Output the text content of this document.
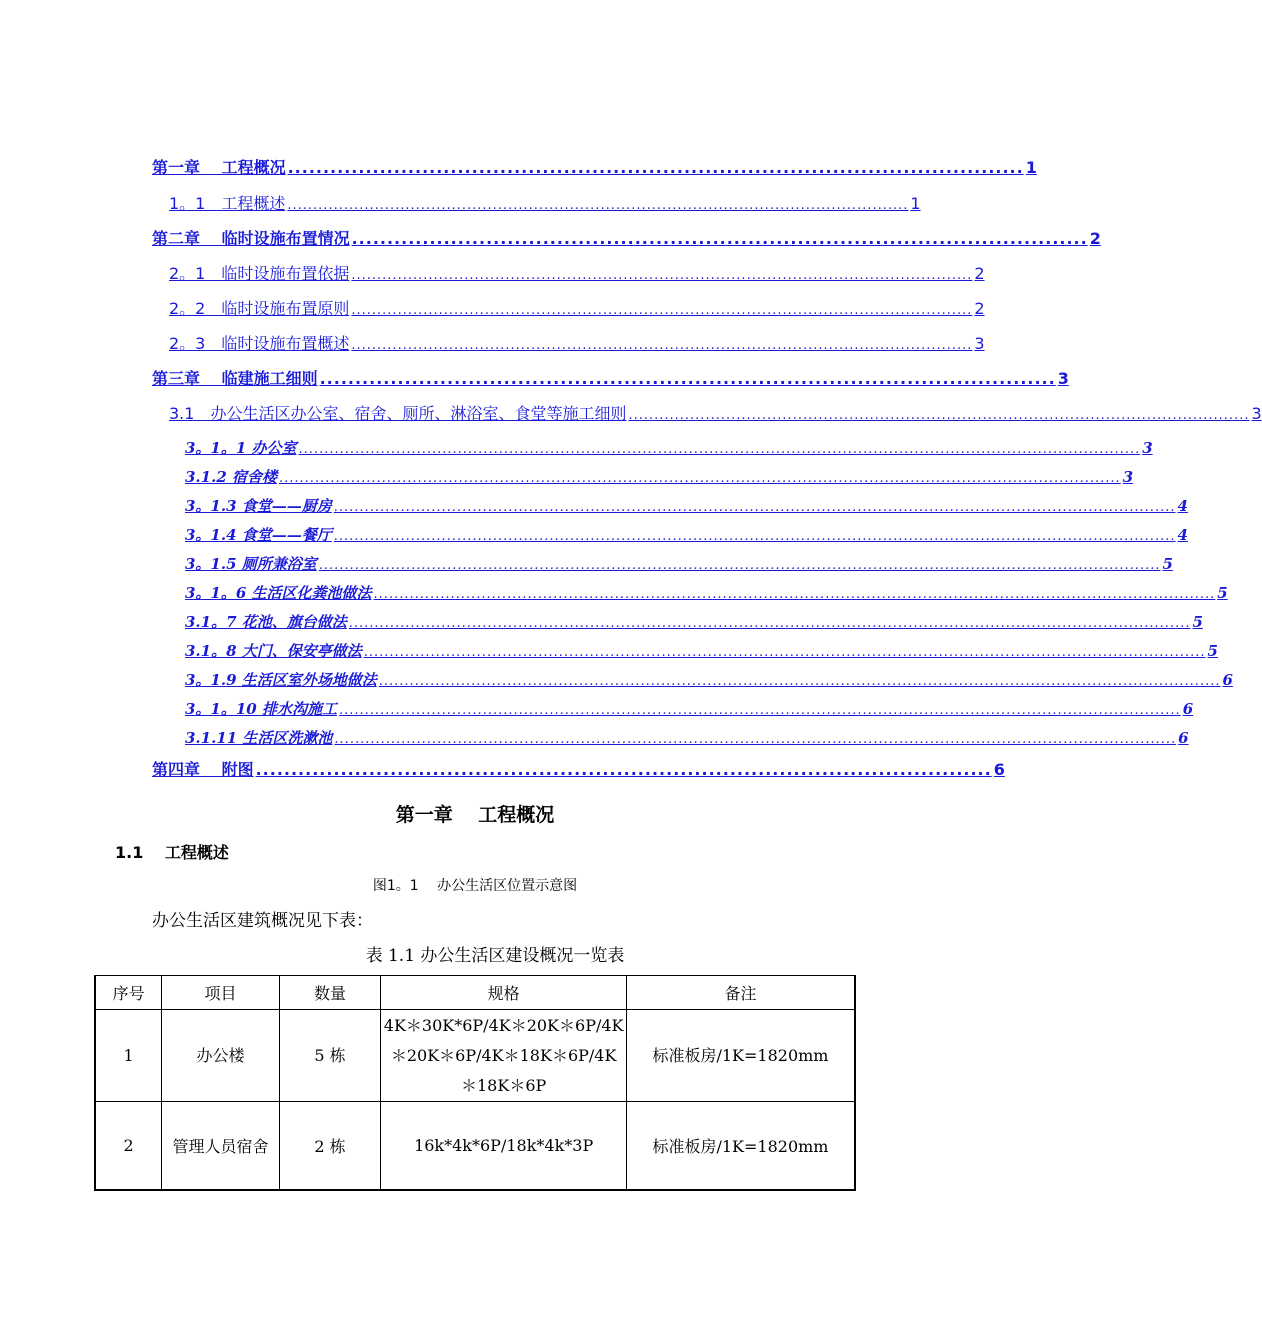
第一章　 工程概况 ........................................................................................................ 1
1。1　工程概述 ......................................................................................................................... 1
第二章　 临时设施布置情况 ........................................................................................................ 2
2。1　临时设施布置依据 ......................................................................................................................... 2
2。2　临时设施布置原则 ......................................................................................................................... 2
2。3　临时设施布置概述 ......................................................................................................................... 3
第三章　 临建施工细则 ........................................................................................................ 3
3.1　办公生活区办公室、宿舍、厕所、淋浴室、食堂等施工细则 ......................................................................................................................... 3
3。1。1 办公室 .................................................................................................................................................................... 3
3.1.2 宿舍楼 .................................................................................................................................................................... 3
3。1.3 食堂——厨房 .................................................................................................................................................................... 4
3。1.4 食堂——餐厅 .................................................................................................................................................................... 4
3。1.5 厕所兼浴室 .................................................................................................................................................................... 5
3。1。6 生活区化粪池做法 .................................................................................................................................................................... 5
3.1。7 花池、旗台做法 .................................................................................................................................................................... 5
3.1。8 大门、保安亭做法 .................................................................................................................................................................... 5
3。1.9 生活区室外场地做法 .................................................................................................................................................................... 6
3。1。10 排水沟施工 .................................................................................................................................................................... 6
3.1.11 生活区洗漱池 .................................................................................................................................................................... 6
第四章　 附图 ........................................................................................................ 6
第一章　 工程概况
1.1　 工程概述
图1。1　 办公生活区位置示意图
办公生活区建筑概况见下表：
表 1.1 办公生活区建设概况一览表
序号	项目	数量	规格	备注
1	办公楼	5 栋	4K＊30K*6P/4K＊20K＊6P/4K
＊20K＊6P/4K＊18K＊6P/4K
＊18K＊6P	标准板房/1K=1820mm
2	管理人员宿舍	2 栋	16k*4k*6P/18k*4k*3P	标准板房/1K=1820mm
